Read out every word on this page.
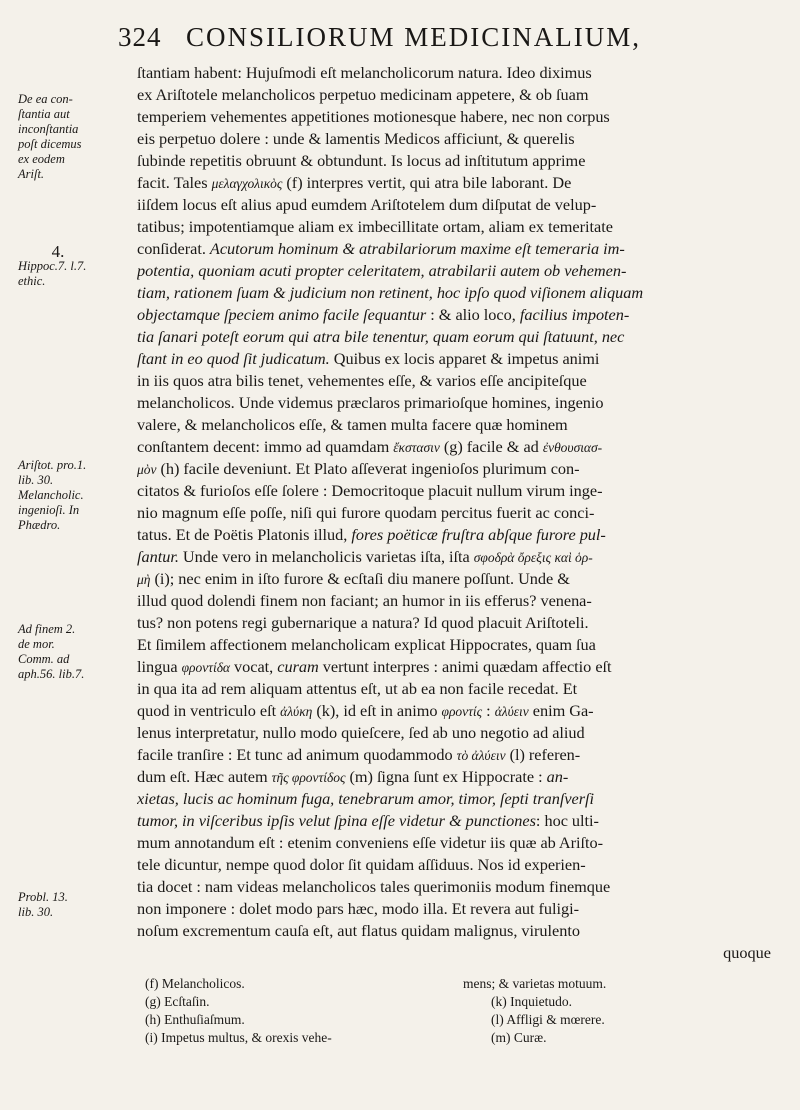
324 CONSILIORUM MEDICINALIUM,
De ea con-
ſtantia aut
inconſtantia
poſt dicemus
ex eodem
Ariſt.
4.
Hippoc.7. l.7.
ethic.
Ariſtot. pro.1.
lib. 30.
Melancholic.
ingenioſi. In
Phædro.
Ad finem 2.
de mor.
Comm. ad
aph.56. lib.7.
Probl. 13.
lib. 30.
ſtantiam habent: Hujuſmodi eſt melancholicorum natura. Ideo diximus
ex Ariſtotele melancholicos perpetuo medicinam appetere, & ob ſuam
temperiem vehementes appetitiones motionesque habere, nec non corpus
eis perpetuo dolere : unde & lamentis Medicos afficiunt, & querelis
ſubinde repetitis obruunt & obtundunt. Is locus ad inſtitutum apprime
facit. Tales μελαγχολικὸς (f) interpres vertit, qui atra bile laborant. De
iiſdem locus eſt alius apud eumdem Ariſtotelem dum diſputat de velup-
tatibus; impotentiamque aliam ex imbecillitate ortam, aliam ex temeritate
conſiderat. Acutorum hominum & atrabilariorum maxime eſt temeraria im-
potentia, quoniam acuti propter celeritatem, atrabilarii autem ob vehemen-
tiam, rationem ſuam & judicium non retinent, hoc ipſo quod viſionem aliquam
objectamque ſpeciem animo facile ſequantur : & alio loco, facilius impoten-
tia ſanari poteſt eorum qui atra bile tenentur, quam eorum qui ſtatuunt, nec
ſtant in eo quod ſit judicatum. Quibus ex locis apparet & impetus animi
in iis quos atra bilis tenet, vehementes eſſe, & varios eſſe ancipiteſque
melancholicos. Unde videmus præclaros primarioſque homines, ingenio
valere, & melancholicos eſſe, & tamen multa facere quæ hominem
conſtantem decent: immo ad quamdam ἔκστασιν (g) facile & ad ἐνθουσιασ-
μὸν (h) facile deveniunt. Et Plato aſſeverat ingenioſos plurimum con-
citatos & furioſos eſſe ſolere : Democritoque placuit nullum virum inge-
nio magnum eſſe poſſe, niſi qui furore quodam percitus fuerit ac conci-
tatus. Et de Poëtis Platonis illud, fores poëticæ fruſtra abſque furore pul-
ſantur. Unde vero in melancholicis varietas iſta, iſta σφοδρὰ ὄρεξις καὶ ὁρ-
μὴ (i); nec enim in iſto furore & ecſtaſi diu manere poſſunt. Unde &
illud quod dolendi finem non faciant; an humor in iis efferus? venena-
tus? non potens regi gubernarique a natura? Id quod placuit Ariſtoteli.
Et ſimilem affectionem melancholicam explicat Hippocrates, quam ſua
lingua φροντίδα vocat, curam vertunt interpres : animi quædam affectio eſt
in qua ita ad rem aliquam attentus eſt, ut ab ea non facile recedat. Et
quod in ventriculo eſt ἀλύκη (k), id eſt in animo φροντίς : ἀλύειν enim Ga-
lenus interpretatur, nullo modo quieſcere, ſed ab uno negotio ad aliud
facile tranſire : Et tunc ad animum quodammodo τὸ ἀλύειν (l) referen-
dum eſt. Hæc autem τῆς φροντίδος (m) ſigna ſunt ex Hippocrate : an-
xietas, lucis ac hominum fuga, tenebrarum amor, timor, ſepti tranſverſi
tumor, in viſceribus ipſis velut ſpina eſſe videtur & punctiones: hoc ulti-
mum annotandum eſt : etenim conveniens eſſe videtur iis quæ ab Ariſto-
tele dicuntur, nempe quod dolor ſit quidam aſſiduus. Nos id experien-
tia docet : nam videas melancholicos tales querimoniis modum finemque
non imponere : dolet modo pars hæc, modo illa. Et revera aut fuligi-
noſum excrementum cauſa eſt, aut flatus quidam malignus, virulento
quoque
(f) Melancholicos.
(g) Ecſtaſin.
(h) Enthuſiaſmum.
(i) Impetus multus, & orexis vehe-
mens; & varietas motuum.
(k) Inquietudo.
(l) Affligi & mœrere.
(m) Curæ.
